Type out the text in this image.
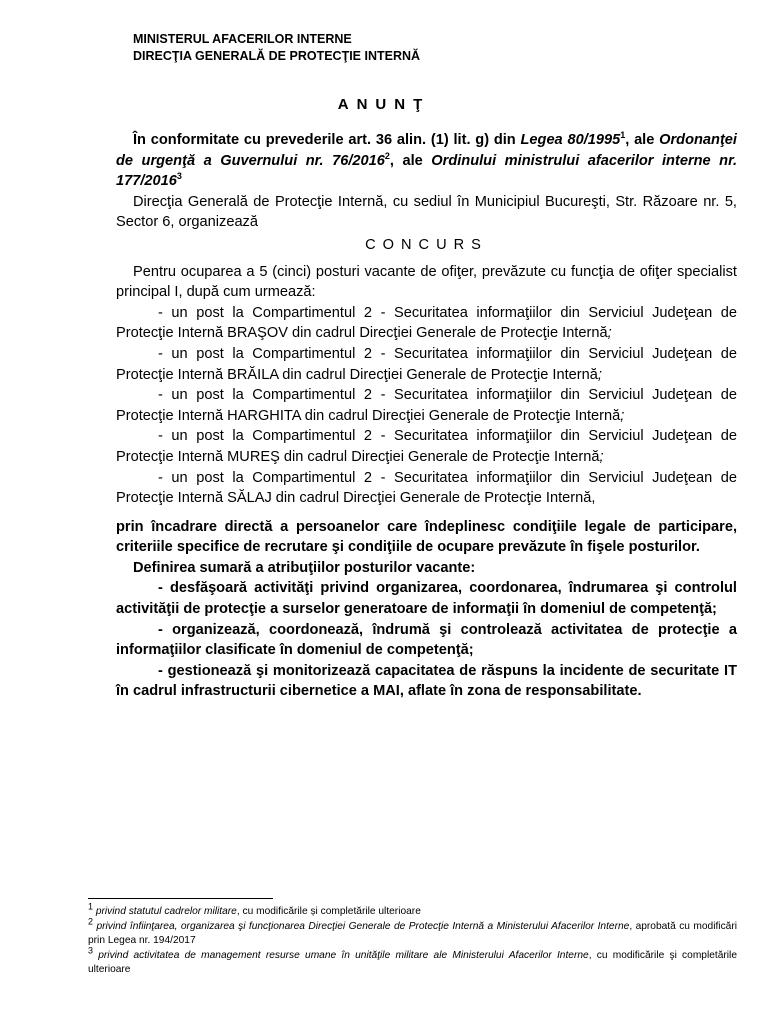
MINISTERUL AFACERILOR INTERNE
DIRECŢIA GENERALĂ DE PROTECŢIE INTERNĂ
ANUNŢ

În conformitate cu prevederile art. 36 alin. (1) lit. g) din Legea 80/1995$^1$, ale Ordonanţei de urgenţă a Guvernului nr. 76/2016$^2$, ale Ordinului ministrului afacerilor interne nr. 177/2016$^3$

Direcţia Generală de Protecţie Internă, cu sediul în Municipiul Bucureşti, Str. Răzoare nr. 5, Sector 6, organizează

CONCURS

Pentru ocuparea a 5 (cinci) posturi vacante de ofiţer, prevăzute cu funcţia de ofiţer specialist principal I, după cum urmează:

- un post la Compartimentul 2 - Securitatea informaţiilor din Serviciul Judeţean de Protecţie Internă BRAŞOV din cadrul Direcţiei Generale de Protecţie Internă;

- un post la Compartimentul 2 - Securitatea informaţiilor din Serviciul Judeţean de Protecţie Internă BRĂILA din cadrul Direcţiei Generale de Protecţie Internă;

- un post la Compartimentul 2 - Securitatea informaţiilor din Serviciul Judeţean de Protecţie Internă HARGHITA din cadrul Direcţiei Generale de Protecţie Internă;

- un post la Compartimentul 2 - Securitatea informaţiilor din Serviciul Judeţean de Protecţie Internă MUREŞ din cadrul Direcţiei Generale de Protecţie Internă;

- un post la Compartimentul 2 - Securitatea informaţiilor din Serviciul Judeţean de Protecţie Internă SĂLAJ din cadrul Direcţiei Generale de Protecţie Internă,

prin încadrare directă a persoanelor care îndeplinesc condiţiile legale de participare, criteriile specifice de recrutare şi condiţiile de ocupare prevăzute în fişele posturilor.

Definirea sumară a atribuţiilor posturilor vacante:

- desfăşoară activităţi privind organizarea, coordonarea, îndrumarea şi controlul activităţii de protecţie a surselor generatoare de informaţii în domeniul de competenţă;

- organizează, coordonează, îndrumă şi controlează activitatea de protecţie a informaţiilor clasificate în domeniul de competenţă;

- gestionează şi monitorizează capacitatea de răspuns la incidente de securitate IT în cadrul infrastructurii cibernetice a MAI, aflate în zona de responsabilitate.

$^1$ privind statutul cadrelor militare, cu modificările și completările ulterioare

$^2$ privind înfiinţarea, organizarea şi funcţionarea Direcţiei Generale de Protecţie Internă a Ministerului Afacerilor Interne, aprobată cu modificări prin Legea nr. 194/2017

$^3$ privind activitatea de management resurse umane în unităţile militare ale Ministerului Afacerilor Interne, cu modificările şi completările ulterioare
